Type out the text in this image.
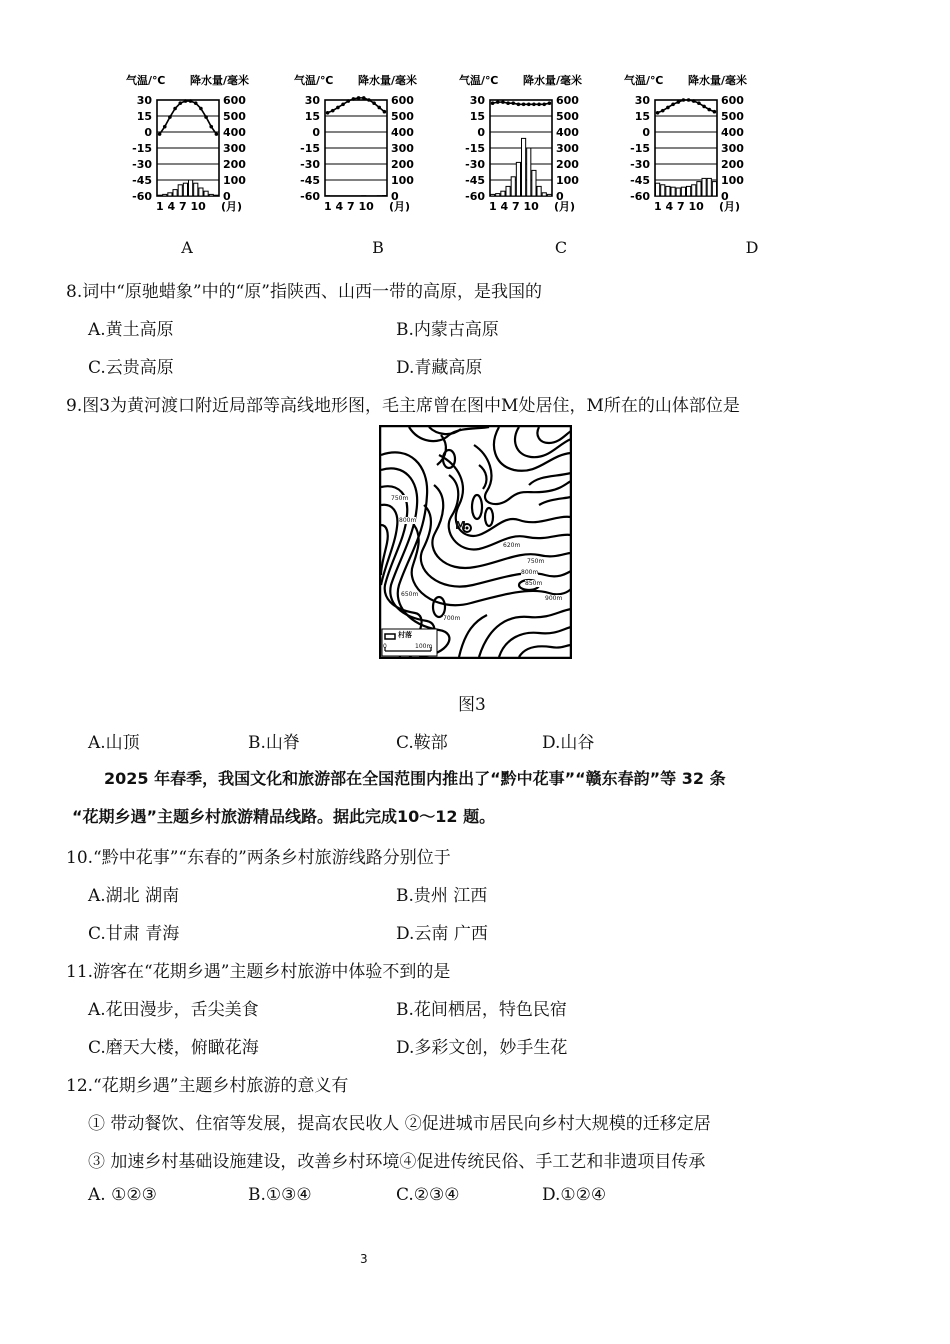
气温/℃ 降水量/毫米
30
15
0
-15
-30
-45
-60
600
500
400
300
200
100
0
1 4 7 10 (月)
气温/℃ 降水量/毫米
30
15
0
-15
-30
-45
-60
600
500
400
300
200
100
0
1 4 7 10 (月)
气温/℃ 降水量/毫米
30
15
0
-15
-30
-45
-60
600
500
400
300
200
100
0
1 4 7 10 (月)
气温/℃ 降水量/毫米
30
15
0
-15
-30
-45
-60
600
500
400
300
200
100
0
1 4 7 10 (月)
A	B	C	D
8.词中“原驰蜡象”中的“原”指陕西、山西一带的高原，是我国的
A.黄土高原	B.内蒙古高原
C.云贵高原	D.青藏高原
9.图3为黄河渡口附近局部等高线地形图，毛主席曾在图中M处居住，M所在的山体部位是
M
750m
800m
620m
750m
800m
850m
900m
700m
650m
村落
0	100m
图3
A.山顶	B.山脊	C.鞍部	D.山谷
2025 年春季，我国文化和旅游部在全国范围内推出了“黔中花事”“赣东春韵”等 32 条
“花期乡遇”主题乡村旅游精品线路。据此完成10～12 题。
10.“黔中花事”“东春的”两条乡村旅游线路分别位于
A.湖北 湖南	B.贵州 江西
C.甘肃 青海	D.云南 广西
11.游客在“花期乡遇”主题乡村旅游中体验不到的是
A.花田漫步，舌尖美食	B.花间栖居，特色民宿
C.磨天大楼，俯瞰花海	D.多彩文创，妙手生花
12.“花期乡遇”主题乡村旅游的意义有
① 带动餐饮、住宿等发展，提高农民收人 ②促进城市居民向乡村大规模的迁移定居
③ 加速乡村基础设施建设，改善乡村环境④促进传统民俗、手工艺和非遗项目传承
A. ①②③	B.①③④	C.②③④	D.①②④
3
